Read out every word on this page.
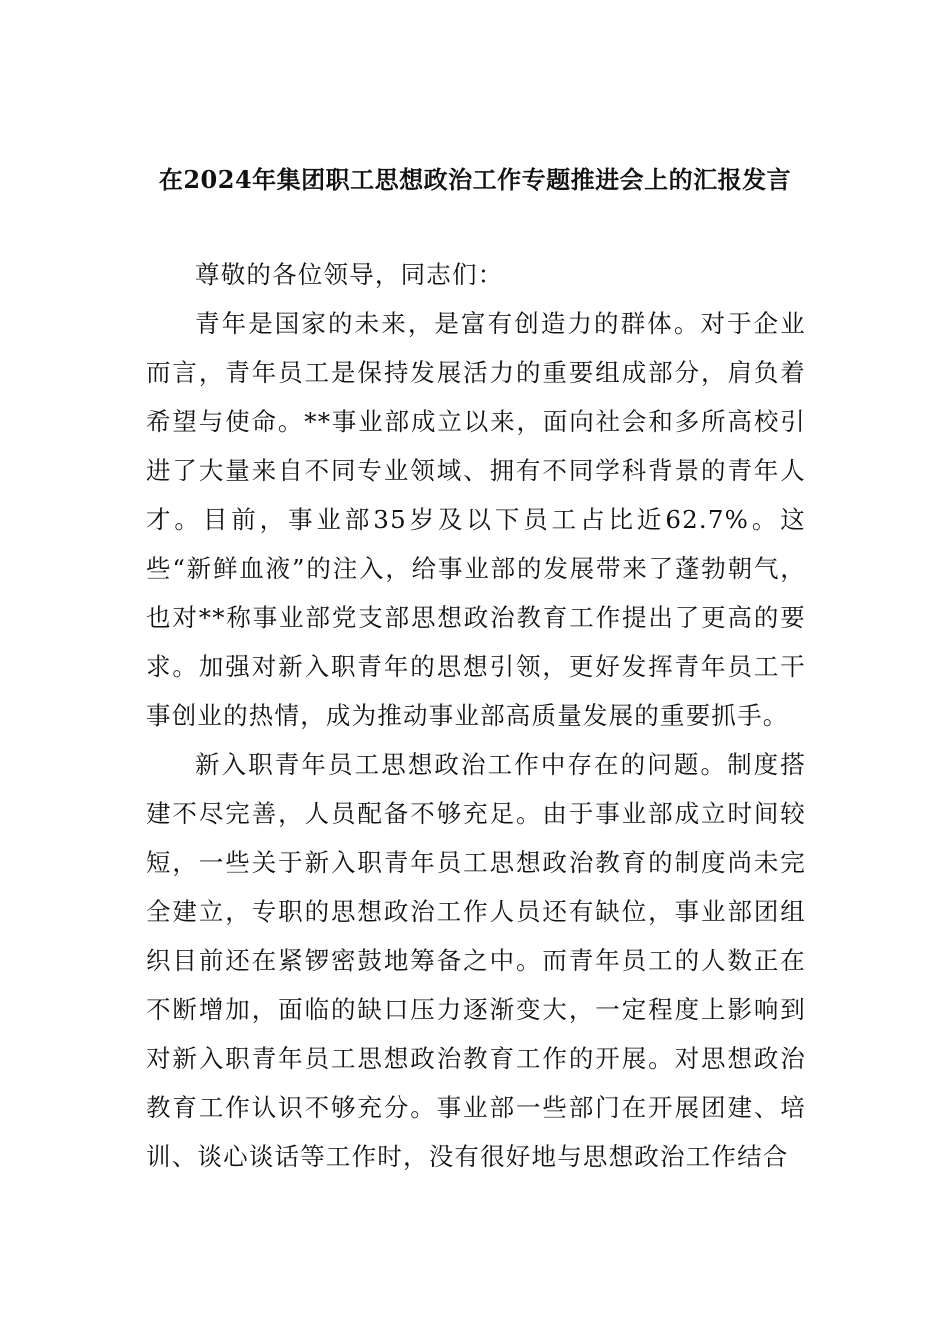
在2024年集团职工思想政治工作专题推进会上的汇报发言

尊敬的各位领导，同志们：

青年是国家的未来，是富有创造力的群体。对于企业而言，青年员工是保持发展活力的重要组成部分，肩负着希望与使命。**事业部成立以来，面向社会和多所高校引进了大量来自不同专业领域、拥有不同学科背景的青年人才。目前，事业部35岁及以下员工占比近62.7%。这些“新鲜血液”的注入，给事业部的发展带来了蓬勃朝气，也对**称事业部党支部思想政治教育工作提出了更高的要求。加强对新入职青年的思想引领，更好发挥青年员工干事创业的热情，成为推动事业部高质量发展的重要抓手。

新入职青年员工思想政治工作中存在的问题。制度搭建不尽完善，人员配备不够充足。由于事业部成立时间较短，一些关于新入职青年员工思想政治教育的制度尚未完全建立，专职的思想政治工作人员还有缺位，事业部团组织目前还在紧锣密鼓地筹备之中。而青年员工的人数正在不断增加，面临的缺口压力逐渐变大，一定程度上影响到对新入职青年员工思想政治教育工作的开展。对思想政治教育工作认识不够充分。事业部一些部门在开展团建、培训、谈心谈话等工作时，没有很好地与思想政治工作结合
